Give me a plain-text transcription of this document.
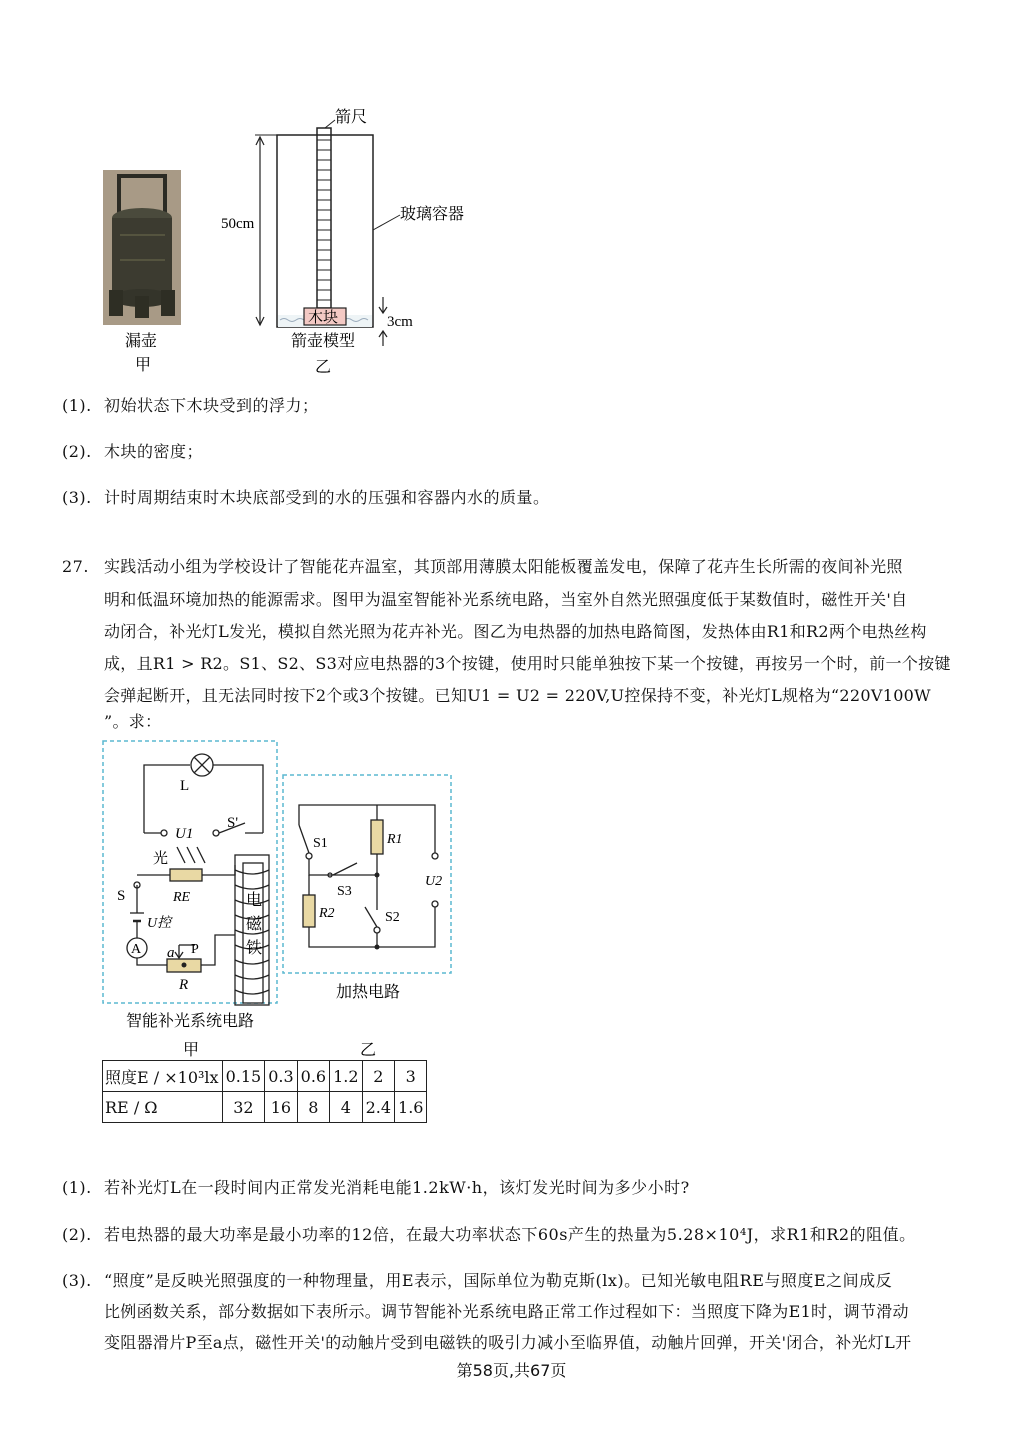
漏壶
甲
箭尺
玻璃容器
50cm
木块	3cm
箭壶模型
乙
(1). 初始状态下木块受到的浮力；
(2). 木块的密度；
(3). 计时周期结束时木块底部受到的水的压强和容器内水的质量。
27. 实践活动小组为学校设计了智能花卉温室，其顶部用薄膜太阳能板覆盖发电，保障了花卉生长所需的夜间补光照
明和低温环境加热的能源需求。图甲为温室智能补光系统电路，当室外自然光照强度低于某数值时，磁性开关'自
动闭合，补光灯L发光，模拟自然光照为花卉补光。图乙为电热器的加热电路简图，发热体由R1和R2两个电热丝构
成，且R1 > R2。S1、S2、S3对应电热器的3个按键，使用时只能单独按下某一个按键，再按另一个时，前一个按键
会弹起断开，且无法同时按下2个或3个按键。已知U1 = U2 = 220V,U控保持不变，补光灯L规格为“220V100W
”。求：
L
U1
S'
光
RE
S
U控
A a P
R
电
磁
铁
智能补光系统电路
甲
S1	R1
S3
U2
R2	S2
加热电路
乙
照度E / ×10³lx	0.15	0.3	0.6	1.2	2	3
RE / Ω	32	16	8	4	2.4	1.6
(1). 若补光灯L在一段时间内正常发光消耗电能1.2kW·h，该灯发光时间为多少小时?
(2). 若电热器的最大功率是最小功率的12倍，在最大功率状态下60s产生的热量为5.28×10⁴J，求R1和R2的阻值。
(3). “照度”是反映光照强度的一种物理量，用E表示，国际单位为勒克斯(lx)。已知光敏电阻RE与照度E之间成反
比例函数关系，部分数据如下表所示。调节智能补光系统电路正常工作过程如下：当照度下降为E1时，调节滑动
变阻器滑片P至a点，磁性开关'的动触片受到电磁铁的吸引力减小至临界值，动触片回弹，开关'闭合，补光灯L开
第58页,共67页
